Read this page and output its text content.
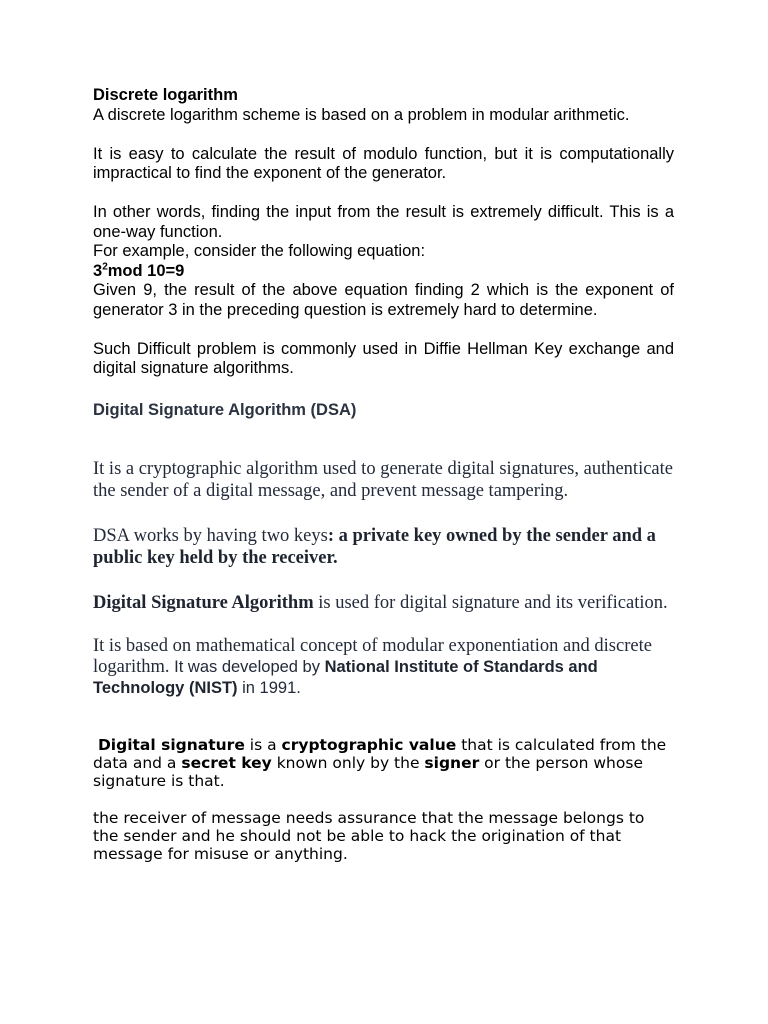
Discrete logarithm
A discrete logarithm scheme is based on a problem in modular arithmetic.
It is easy to calculate the result of modulo function, but it is computationally impractical to find the exponent of the generator.
In other words, finding the input from the result is extremely difficult. This is a one-way function.
For example, consider the following equation:
$3^2mod$ 10=9
Given 9, the result of the above equation finding 2 which is the exponent of generator 3 in the preceding question is extremely hard to determine.
Such Difficult problem is commonly used in Diffie Hellman Key exchange and digital signature algorithms.
Digital Signature Algorithm (DSA)
It is a cryptographic algorithm used to generate digital signatures, authenticate the sender of a digital message, and prevent message tampering.
DSA works by having two keys: a private key owned by the sender and a public key held by the receiver.
Digital Signature Algorithm is used for digital signature and its verification.
It is based on mathematical concept of modular exponentiation and discrete logarithm. It was developed by National Institute of Standards and Technology (NIST) in 1991.
Digital signature is a cryptographic value that is calculated from the data and a secret key known only by the signer or the person whose signature is that.
the receiver of message needs assurance that the message belongs to the sender and he should not be able to hack the origination of that message for misuse or anything.
